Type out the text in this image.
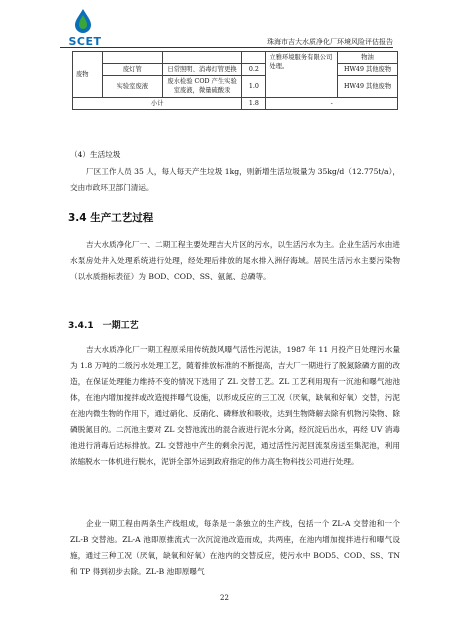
SCET	珠海市吉大水质净化厂环境风险评估报告
废物				立雅环境服务有限公司处理。	物油
	废灯管	日常照明、消毒灯管更换	0.2		HW49 其他废物
	实验室废液	废水检验 COD 产生实验室废液，微量硫酸汞	1.0		HW49 其他废物
小计			1.8	-	
（4）生活垃圾
厂区工作人员 35 人，每人每天产生垃圾 1kg，则新增生活垃圾量为 35kg/d（12.775t/a），交由市政环卫部门清运。
3.4 生产工艺过程
吉大水质净化厂一、二期工程主要处理吉大片区的污水，以生活污水为主。企业生活污水由进水泵房处井入处理系统进行处理，经处理后排放的尾水排入洲仔海域。居民生活污水主要污染物（以水质指标表征）为 BOD、COD、SS、氨氮、总磷等。
3.4.1　一期工艺
吉大水质净化厂一期工程原采用传统鼓风曝气活性污泥法，1987 年 11 月投产日处理污水量为 1.8 万吨的二级污水处理工艺，随着排放标准的不断提高，吉大厂一期进行了脱氮除磷方面的改造，在保证处理能力维持不变的情况下选用了 ZL 交替工艺。ZL 工艺利用现有一沉池和曝气池池体，在池内增加搅拌或改造搅拌曝气设施，以形成反应的三工况（厌氧，缺氧和好氧）交替，污泥在池内微生物的作用下，通过硝化、反硝化、磷释放和吸收，达到生物降解去除有机物污染物、除磷脱氮目的。二沉池主要对 ZL 交替池流出的混合液进行泥水分离，经沉淀后出水，再经 UV 消毒池进行消毒后达标排放。ZL 交替池中产生的剩余污泥，通过活性污泥回流泵房送至集泥池，利用浓缩脱水一体机进行脱水，泥饼全部外运到政府指定的伟力高生物科技公司进行处理。
企业一期工程由两条生产线组成，每条是一条独立的生产线，包括一个 ZL-A 交替池和一个 ZL-B 交替池。ZL-A 池即原推流式一次沉淀池改造而成，共两座，在池内增加搅拌进行和曝气设施，通过三种工况（厌氧，缺氧和好氧）在池内的交替反应，使污水中 BOD5、COD、SS、TN 和 TP 得到初步去除。ZL-B 池即原曝气
22
